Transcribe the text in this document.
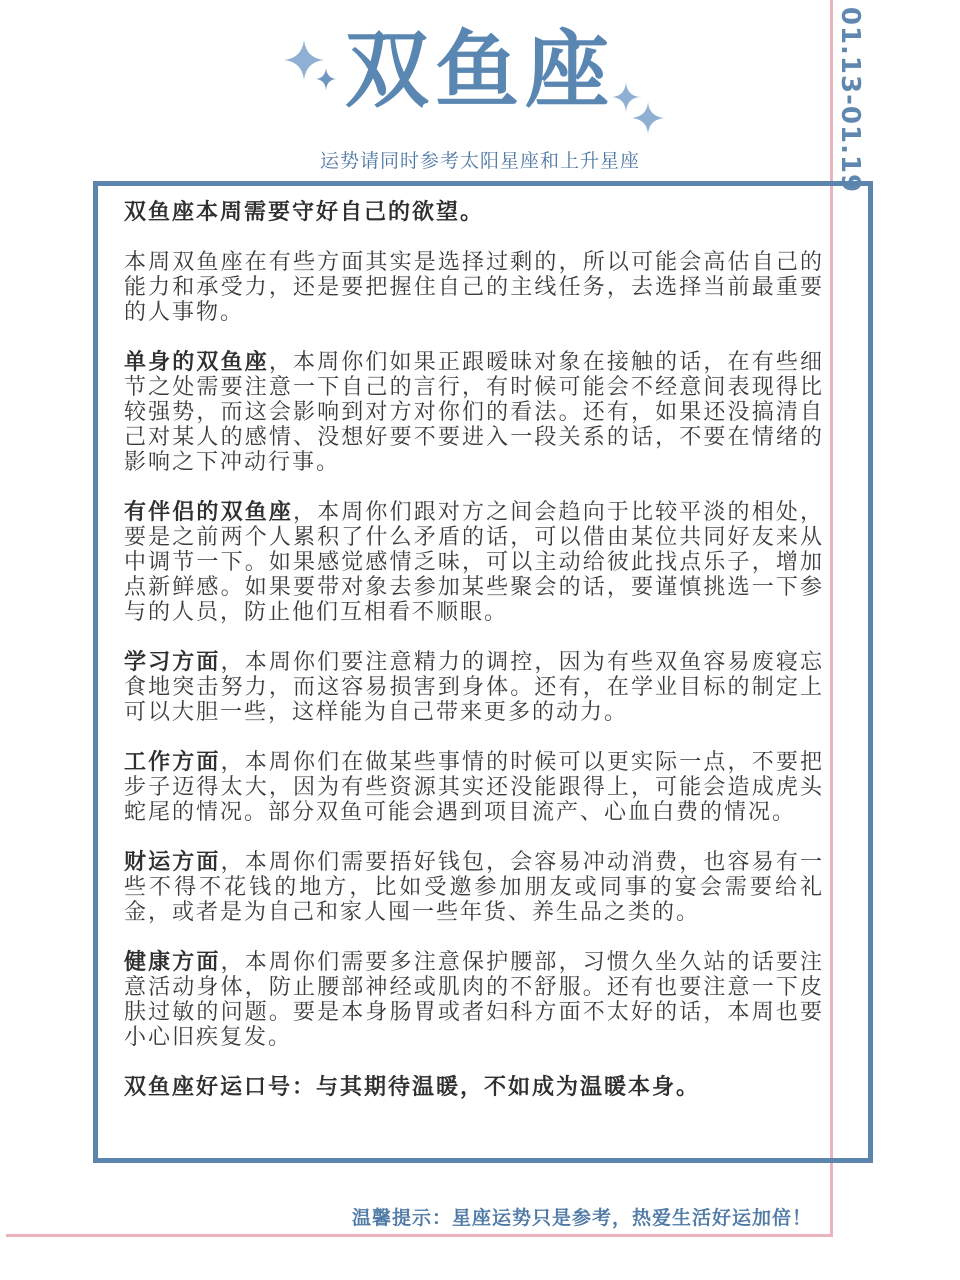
01.13-01.19
双鱼座
运势请同时参考太阳星座和上升星座

双鱼座本周需要守好自己的欲望。

本周双鱼座在有些方面其实是选择过剩的，所以可能会高估自己的能力和承受力，还是要把握住自己的主线任务，去选择当前最重要的人事物。

单身的双鱼座，本周你们如果正跟暧昧对象在接触的话，在有些细节之处需要注意一下自己的言行，有时候可能会不经意间表现得比较强势，而这会影响到对方对你们的看法。还有，如果还没搞清自己对某人的感情、没想好要不要进入一段关系的话，不要在情绪的影响之下冲动行事。

有伴侣的双鱼座，本周你们跟对方之间会趋向于比较平淡的相处，要是之前两个人累积了什么矛盾的话，可以借由某位共同好友来从中调节一下。如果感觉感情乏味，可以主动给彼此找点乐子，增加点新鲜感。如果要带对象去参加某些聚会的话，要谨慎挑选一下参与的人员，防止他们互相看不顺眼。

学习方面，本周你们要注意精力的调控，因为有些双鱼容易废寝忘食地突击努力，而这容易损害到身体。还有，在学业目标的制定上可以大胆一些，这样能为自己带来更多的动力。

工作方面，本周你们在做某些事情的时候可以更实际一点，不要把步子迈得太大，因为有些资源其实还没能跟得上，可能会造成虎头蛇尾的情况。部分双鱼可能会遇到项目流产、心血白费的情况。

财运方面，本周你们需要捂好钱包，会容易冲动消费，也容易有一些不得不花钱的地方，比如受邀参加朋友或同事的宴会需要给礼金，或者是为自己和家人囤一些年货、养生品之类的。

健康方面，本周你们需要多注意保护腰部，习惯久坐久站的话要注意活动身体，防止腰部神经或肌肉的不舒服。还有也要注意一下皮肤过敏的问题。要是本身肠胃或者妇科方面不太好的话，本周也要小心旧疾复发。

双鱼座好运口号：与其期待温暖，不如成为温暖本身。

温馨提示：星座运势只是参考，热爱生活好运加倍！
